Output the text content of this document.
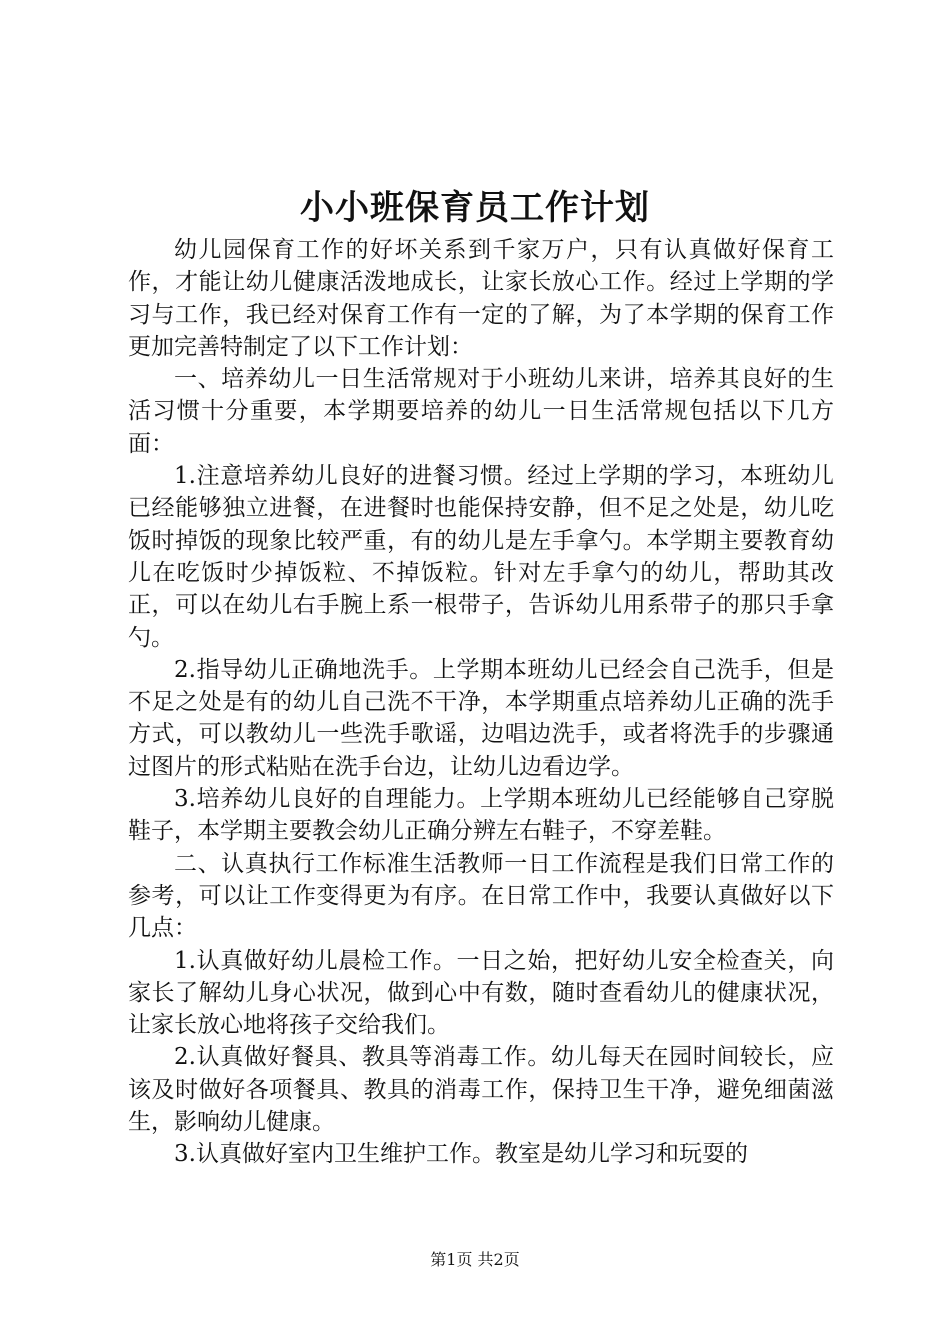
小小班保育员工作计划

幼儿园保育工作的好坏关系到千家万户，只有认真做好保育工作，才能让幼儿健康活泼地成长，让家长放心工作。经过上学期的学习与工作，我已经对保育工作有一定的了解，为了本学期的保育工作更加完善特制定了以下工作计划：

一、培养幼儿一日生活常规对于小班幼儿来讲，培养其良好的生活习惯十分重要，本学期要培养的幼儿一日生活常规包括以下几方面：

1.注意培养幼儿良好的进餐习惯。经过上学期的学习，本班幼儿已经能够独立进餐，在进餐时也能保持安静，但不足之处是，幼儿吃饭时掉饭的现象比较严重，有的幼儿是左手拿勺。本学期主要教育幼儿在吃饭时少掉饭粒、不掉饭粒。针对左手拿勺的幼儿，帮助其改正，可以在幼儿右手腕上系一根带子，告诉幼儿用系带子的那只手拿勺。

2.指导幼儿正确地洗手。上学期本班幼儿已经会自己洗手，但是不足之处是有的幼儿自己洗不干净，本学期重点培养幼儿正确的洗手方式，可以教幼儿一些洗手歌谣，边唱边洗手，或者将洗手的步骤通过图片的形式粘贴在洗手台边，让幼儿边看边学。

3.培养幼儿良好的自理能力。上学期本班幼儿已经能够自己穿脱鞋子，本学期主要教会幼儿正确分辨左右鞋子，不穿差鞋。

二、认真执行工作标准生活教师一日工作流程是我们日常工作的参考，可以让工作变得更为有序。在日常工作中，我要认真做好以下几点：

1.认真做好幼儿晨检工作。一日之始，把好幼儿安全检查关，向家长了解幼儿身心状况，做到心中有数，随时查看幼儿的健康状况，让家长放心地将孩子交给我们。

2.认真做好餐具、教具等消毒工作。幼儿每天在园时间较长，应该及时做好各项餐具、教具的消毒工作，保持卫生干净，避免细菌滋生，影响幼儿健康。

3.认真做好室内卫生维护工作。教室是幼儿学习和玩耍的

第1页 共2页
